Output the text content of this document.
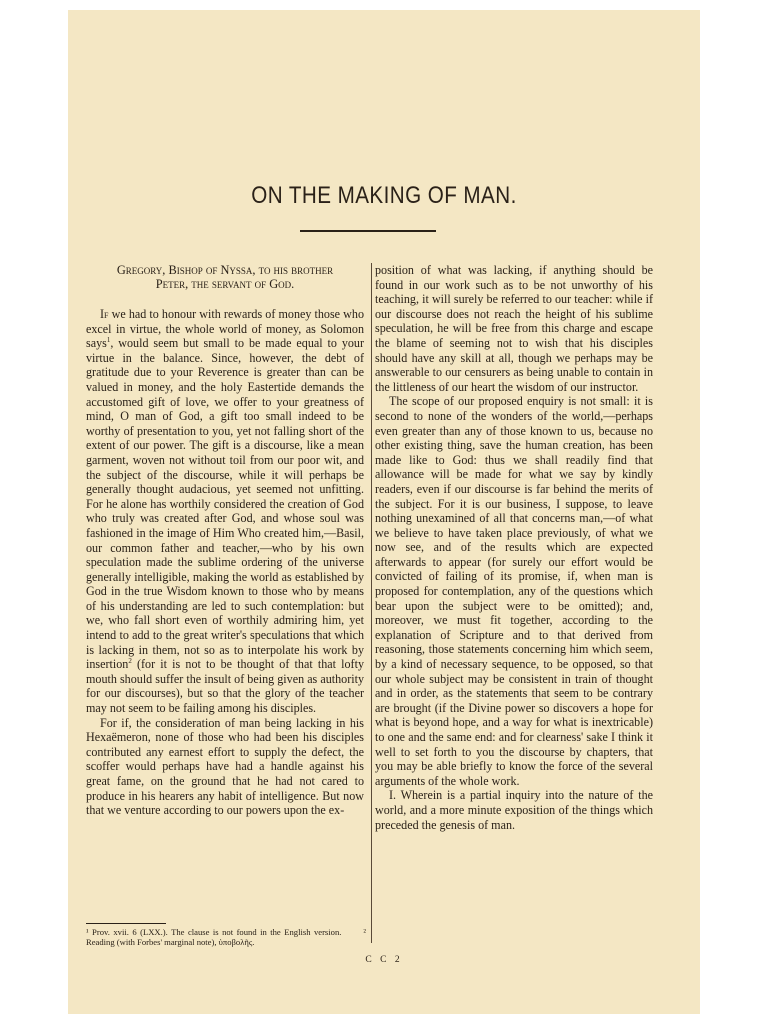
ON THE MAKING OF MAN.
Gregory, Bishop of Nyssa, to his brother
Peter, the servant of God.

If we had to honour with rewards of money those who excel in virtue, the whole world of money, as Solomon says$^1$, would seem but small to be made equal to your virtue in the balance. Since, however, the debt of gratitude due to your Reverence is greater than can be valued in money, and the holy Eastertide demands the accustomed gift of love, we offer to your greatness of mind, O man of God, a gift too small indeed to be worthy of presentation to you, yet not falling short of the extent of our power. The gift is a discourse, like a mean garment, woven not without toil from our poor wit, and the subject of the discourse, while it will perhaps be generally thought audacious, yet seemed not unfitting. For he alone has worthily considered the creation of God who truly was created after God, and whose soul was fashioned in the image of Him Who created him,—Basil, our common father and teacher,—who by his own speculation made the sublime ordering of the universe generally intelligible, making the world as established by God in the true Wisdom known to those who by means of his understanding are led to such contemplation: but we, who fall short even of worthily admiring him, yet intend to add to the great writer's speculations that which is lacking in them, not so as to interpolate his work by insertion$^2$ (for it is not to be thought of that that lofty mouth should suffer the insult of being given as authority for our discourses), but so that the glory of the teacher may not seem to be failing among his disciples.

For if, the consideration of man being lacking in his Hexaëmeron, none of those who had been his disciples contributed any earnest effort to supply the defect, the scoffer would perhaps have had a handle against his great fame, on the ground that he had not cared to produce in his hearers any habit of intelligence. But now that we venture according to our powers upon the ex-

position of what was lacking, if anything should be found in our work such as to be not unworthy of his teaching, it will surely be referred to our teacher: while if our discourse does not reach the height of his sublime speculation, he will be free from this charge and escape the blame of seeming not to wish that his disciples should have any skill at all, though we perhaps may be answerable to our censurers as being unable to contain in the littleness of our heart the wisdom of our instructor.

The scope of our proposed enquiry is not small: it is second to none of the wonders of the world,—perhaps even greater than any of those known to us, because no other existing thing, save the human creation, has been made like to God: thus we shall readily find that allowance will be made for what we say by kindly readers, even if our discourse is far behind the merits of the subject. For it is our business, I suppose, to leave nothing unexamined of all that concerns man,—of what we believe to have taken place previously, of what we now see, and of the results which are expected afterwards to appear (for surely our effort would be convicted of failing of its promise, if, when man is proposed for contemplation, any of the questions which bear upon the subject were to be omitted); and, moreover, we must fit together, according to the explanation of Scripture and to that derived from reasoning, those statements concerning him which seem, by a kind of necessary sequence, to be opposed, so that our whole subject may be consistent in train of thought and in order, as the statements that seem to be contrary are brought (if the Divine power so discovers a hope for what is beyond hope, and a way for what is inextricable) to one and the same end: and for clearness' sake I think it well to set forth to you the discourse by chapters, that you may be able briefly to know the force of the several arguments of the whole work.

I. Wherein is a partial inquiry into the nature of the world, and a more minute exposition of the things which preceded the genesis of man.

¹ Prov. xvii. 6 (LXX.). The clause is not found in the English version.	² Reading (with Forbes' marginal note), ὑποβολῆς.
C C 2
